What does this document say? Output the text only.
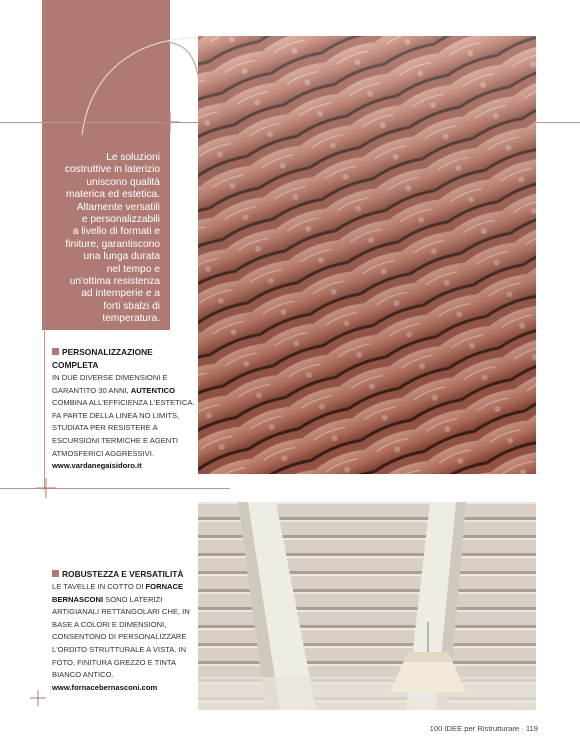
Le soluzioni
costruttive in laterizio
uniscono qualità
materica ed estetica.
Altamente versatili
e personalizzabili
a livello di formati e
finiture, garantiscono
una lunga durata
nel tempo e
un'ottima resistenza
ad intemperie e a
forti sbalzi di
temperatura.
PERSONALIZZAZIONE COMPLETA
IN DUE DIVERSE DIMENSIONI E GARANTITO 30 ANNI, AUTENTICO COMBINA ALL'EFFICIENZA L'ESTETICA. FA PARTE DELLA LINEA NO LIMITS, STUDIATA PER RESISTERE A ESCURSIONI TERMICHE E AGENTI ATMOSFERICI AGGRESSIVI.
www.vardanegaisidoro.it
ROBUSTEZZA E VERSATILITÀ
LE TAVELLE IN COTTO DI FORNACE BERNASCONI SONO LATERIZI ARTIGIANALI RETTANGOLARI CHE, IN BASE A COLORI E DIMENSIONI, CONSENTONO DI PERSONALIZZARE L'ORDITO STRUTTURALE A VISTA. IN FOTO, FINITURA GREZZO E TINTA BIANCO ANTICO.
www.fornacebernasconi.com
100 IDEE per Ristrutturare · 119
